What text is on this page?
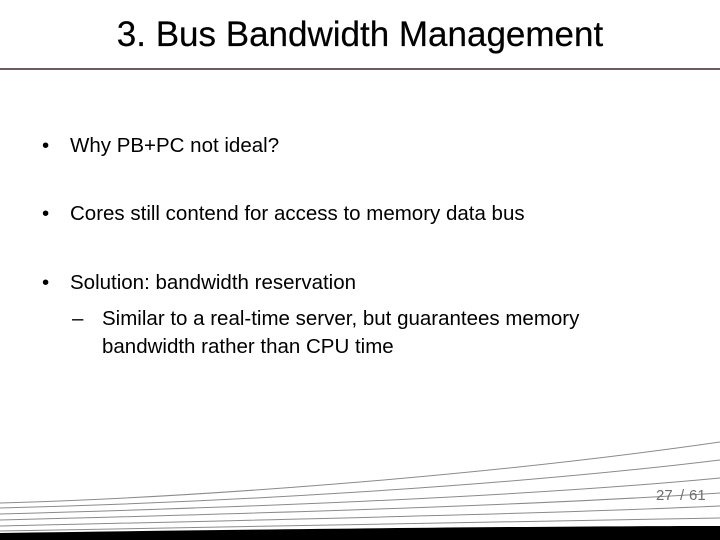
3. Bus Bandwidth Management
•	Why PB+PC not ideal?
•	Cores still contend for access to memory data bus
•	Solution: bandwidth reservation
– Similar to a real-time server, but guarantees memory bandwidth rather than CPU time
27 / 61
